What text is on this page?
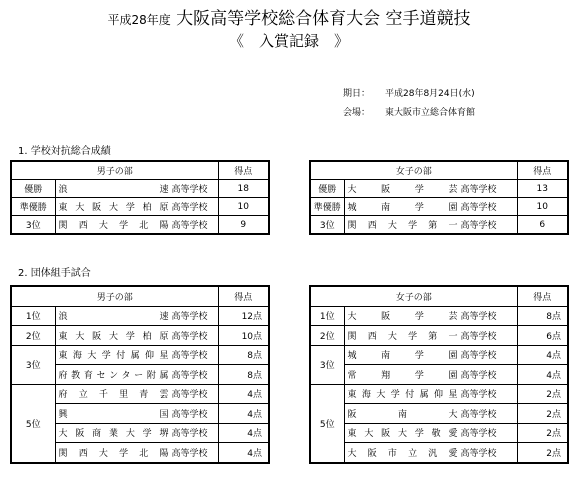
平成28年度 大阪高等学校総合体育大会 空手道競技
《　入賞記録　》
期日： 平成28年8月24日(水)
会場： 東大阪市立総合体育館
1. 学校対抗総合成績
男子の部		得点
優勝	浪速 高等学校	18
準優勝	東大阪大学柏原 高等学校	10
3位	関西大学北陽 高等学校	9
女子の部		得点
優勝	大阪学芸 高等学校	13
準優勝	城南学園 高等学校	10
3位	関西大学第一 高等学校	6
2. 団体組手試合
男子の部		得点
1位	浪速 高等学校	12点
2位	東大阪大学柏原 高等学校	10点
3位	東海大学付属仰星 高等学校	8点
	府教育センター附属 高等学校	8点
5位	府立千里青雲 高等学校	4点
	興国 高等学校	4点
	大阪商業大学堺 高等学校	4点
	関西大学北陽 高等学校	4点
女子の部		得点
1位	大阪学芸 高等学校	8点
2位	関西大学第一 高等学校	6点
3位	城南学園 高等学校	4点
	常翔学園 高等学校	4点
5位	東海大学付属仰星 高等学校	2点
	阪南大 高等学校	2点
	東大阪大学敬愛 高等学校	2点
	大阪市立汎愛 高等学校	2点
